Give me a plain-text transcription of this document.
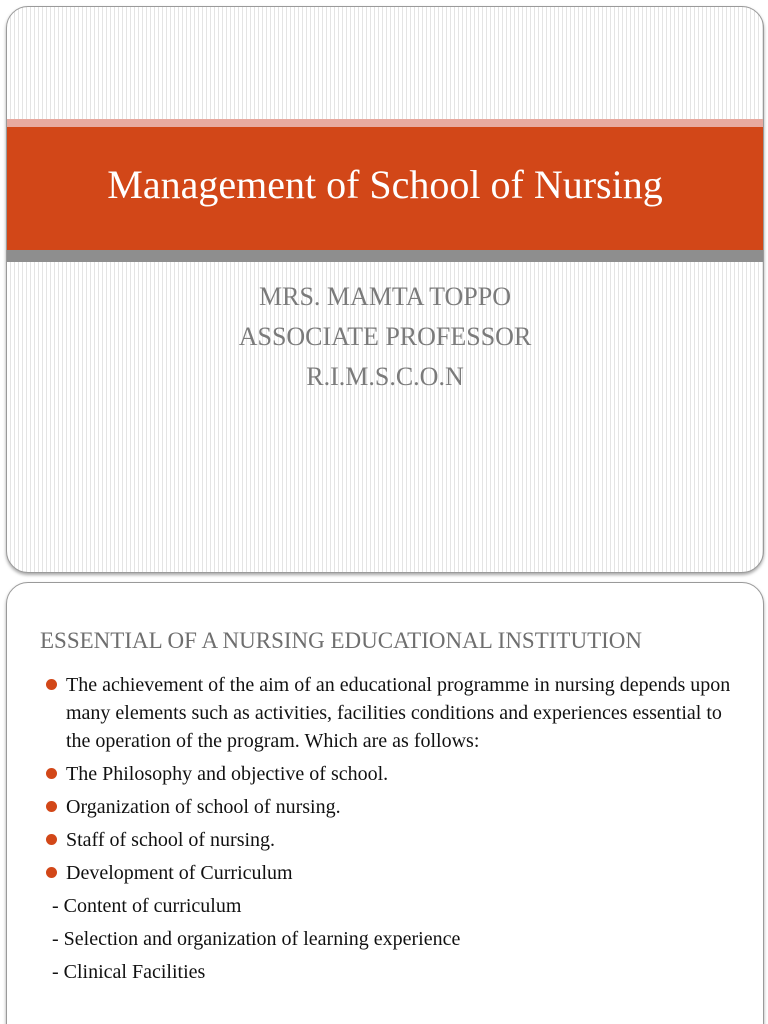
Management of School of Nursing
MRS. MAMTA TOPPO
ASSOCIATE PROFESSOR
R.I.M.S.C.O.N
ESSENTIAL OF A NURSING EDUCATIONAL INSTITUTION
The achievement of the aim of an educational programme in nursing depends upon many elements such as activities, facilities conditions and experiences essential to the operation of the program. Which are as follows:
The Philosophy and objective of school.
Organization of school of nursing.
Staff of school of nursing.
Development of Curriculum
- Content of curriculum
- Selection and organization of learning experience
- Clinical Facilities
